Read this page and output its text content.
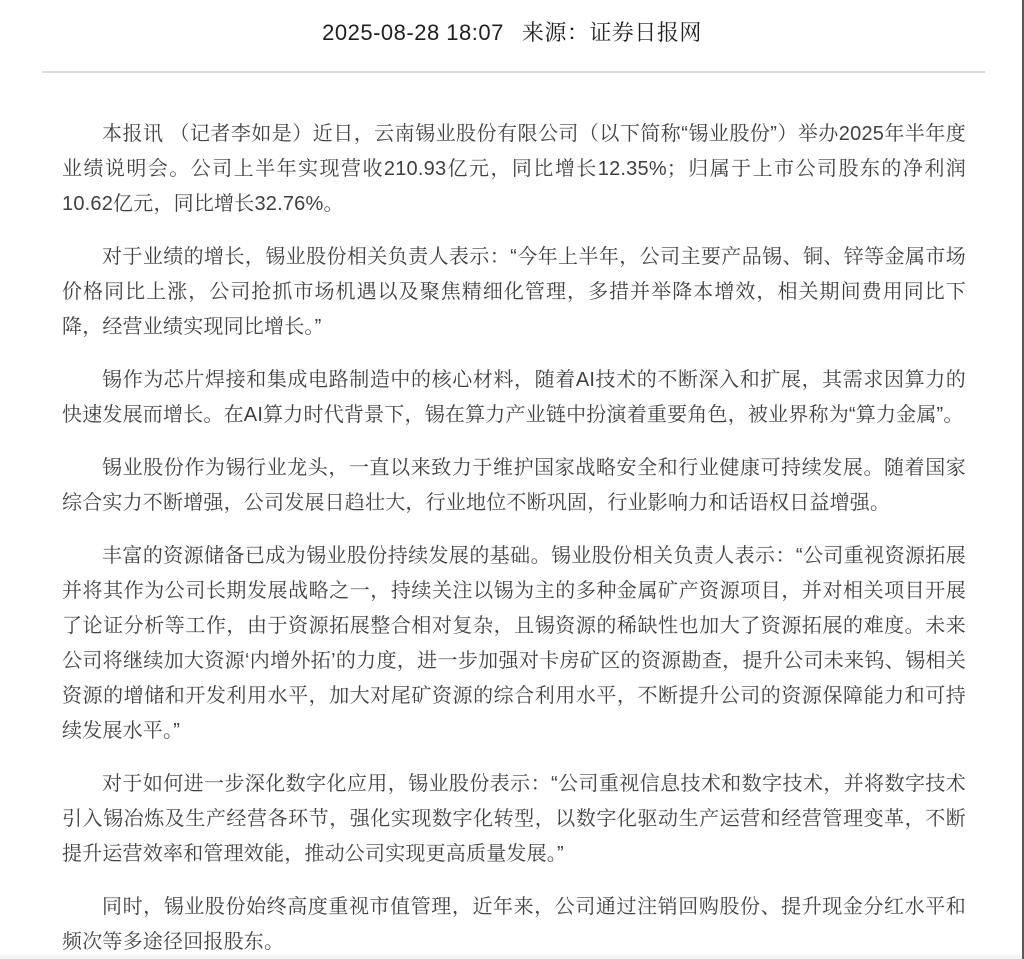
2025-08-28 18:07 来源：证券日报网

本报讯 （记者李如是）近日，云南锡业股份有限公司（以下简称“锡业股份”）举办2025年半年度业绩说明会。公司上半年实现营收210.93亿元，同比增长12.35%；归属于上市公司股东的净利润10.62亿元，同比增长32.76%。

对于业绩的增长，锡业股份相关负责人表示：“今年上半年，公司主要产品锡、铜、锌等金属市场价格同比上涨，公司抢抓市场机遇以及聚焦精细化管理，多措并举降本增效，相关期间费用同比下降，经营业绩实现同比增长。”

锡作为芯片焊接和集成电路制造中的核心材料，随着AI技术的不断深入和扩展，其需求因算力的快速发展而增长。在AI算力时代背景下，锡在算力产业链中扮演着重要角色，被业界称为“算力金属”。

锡业股份作为锡行业龙头，一直以来致力于维护国家战略安全和行业健康可持续发展。随着国家综合实力不断增强，公司发展日趋壮大，行业地位不断巩固，行业影响力和话语权日益增强。

丰富的资源储备已成为锡业股份持续发展的基础。锡业股份相关负责人表示：“公司重视资源拓展并将其作为公司长期发展战略之一，持续关注以锡为主的多种金属矿产资源项目，并对相关项目开展了论证分析等工作，由于资源拓展整合相对复杂，且锡资源的稀缺性也加大了资源拓展的难度。未来公司将继续加大资源‘内增外拓’的力度，进一步加强对卡房矿区的资源勘查，提升公司未来钨、锡相关资源的增储和开发利用水平，加大对尾矿资源的综合利用水平，不断提升公司的资源保障能力和可持续发展水平。”

对于如何进一步深化数字化应用，锡业股份表示：“公司重视信息技术和数字技术，并将数字技术引入锡冶炼及生产经营各环节，强化实现数字化转型，以数字化驱动生产运营和经营管理变革，不断提升运营效率和管理效能，推动公司实现更高质量发展。”

同时，锡业股份始终高度重视市值管理，近年来，公司通过注销回购股份、提升现金分红水平和频次等多途径回报股东。
